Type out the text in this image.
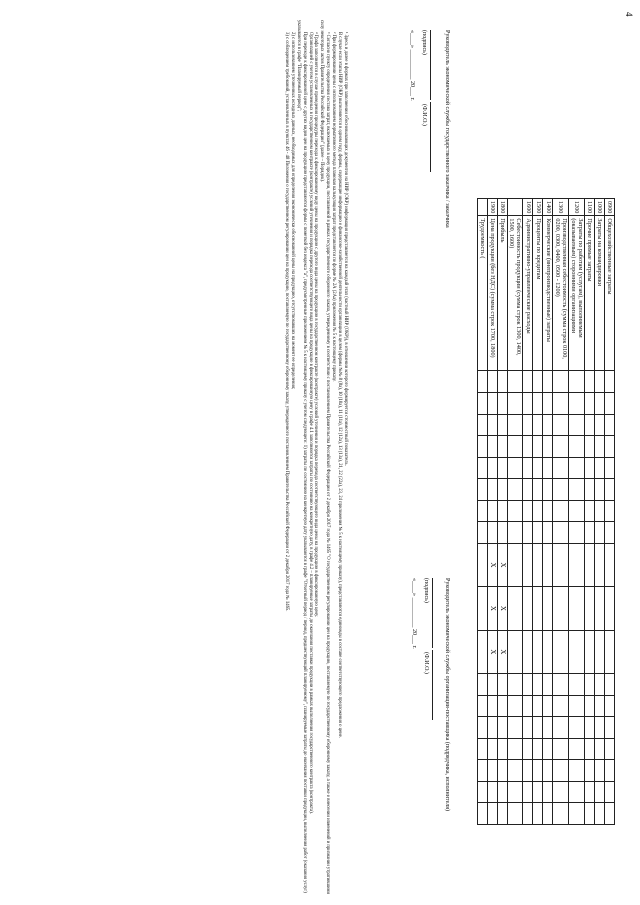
4
0900	Общехозяйственные затраты																		
1000	Затраты на командировки																		
1100	Прочие прямые затраты																		
1200	Затраты по работам (услугам), выполняемым (оказываемым) сторонними организациями																		
1300	Производственная себестоимость (сумма строк 0100, 0200, 0300, 0400, 0500 - 1200)																		
1400	Коммерческие (внепроизводственные) затраты																		
1500	Проценты по кредитам																		
1600	Административно-управленческие расходы																		
	Себестоимость продукции (сумма строк 1300, 1400, 1500, 1600)																		
1800	Прибыль									X	X	X							
1900	Цена продукции (без НДС) (сумма строк 1700, 1800)									X	X	X							
	Трудоемкость (																		
Руководитель экономической службы государственного заказчика / заказчика

(подпись)(Ф.И.О.)
«____» __________ 20___ г.
Руководитель экономической службы организации-поставщика (подрядчика, исполнителя)

(подпись)(Ф.И.О.)
«____» __________ 20___ г.

¹ Здесь и далее в формах при заполнении обосновывающих документов на НИР (ОКР) информация представляется на каждый этап (частный НИР (ОКР)), в отношении которого формируется стоимостный показатель.

В случае если этапы НИР (ОКР) выполняются в одном году, формы, содержащие информацию о финансово-хозяйственной деятельности организации в целом (формы №№ 8 (8а), 10 (10а), 11 (11а), 12 (12а), 13 (13а), 21, 22 (22а), 23, 24 приложения № 5 к настоящему приказу), представляются единожды в составе соответствующего предложения о цене.

² При формировании цены с использованием нормативного метода плановая калькуляция затрат представляется по форме № 2А (2Аа) приложения № 5 к настоящему приказу.

³ Согласно пункту определения состава затрат, включаемых в цену продукции, поставляемой в рамках государственного оборонного заказа, утвержденному в соответствии с постановлением Правительства Российской Федерации от 2 декабря 2017 года № 1465 "О государственном регулировании цен на продукцию, поставляемую по государственному оборонному заказу, а также о внесении изменений и признании утратившими силу некоторых актов Правительства Российской Федерации" (далее – Порядок).

⁴ Графа заполняется в случае проведения процедуры перехода к фиксированному виду цены на продукцию с другого вида цены на продукцию в государственном контракте (контракте) условий уточнения и порядка перехода соответствующего вида цены на продукцию в фиксированную цену.

Организацией с учетом установленных в государственном контракте (контракте) условий уточнения и порядка перехода соответствующего вида цены на продукцию в фиксированную цену в графе 4.1 заполняются затраты по состоянию на конкретную дату, в графе 4.2 – планируемые затраты до окончания поставки продукции в рамках выполнения государственного контракта (контракта).

При переходе к фиксированной цене с других видов цен на продукцию представляются формы с пометкой без индекса "а", предусмотренные приложением № 5 к настоящему приказу с учетом следующего: 1) затраты по состоянию на конкретную дату указываются в графе "Отчетный период / период, предшествующий планируемому", планируемые затраты до окончания поставки продукции, выполнения работ (оказания услуг) указываются в графе "Планируемый период";

2) с использованием уточненных исходных данных, необходимых для определения экономически обоснованной цены на продукцию, отсутствовавших на момент ее определения;

3) с соблюдением требований, установленных в пунктах 46 - 48 Положения о государственном регулировании цен на продукцию, поставляемую по государственному оборонному заказу, утвержденного постановлением Правительства Российской Федерации от 2 декабря 2017 года № 1465.
